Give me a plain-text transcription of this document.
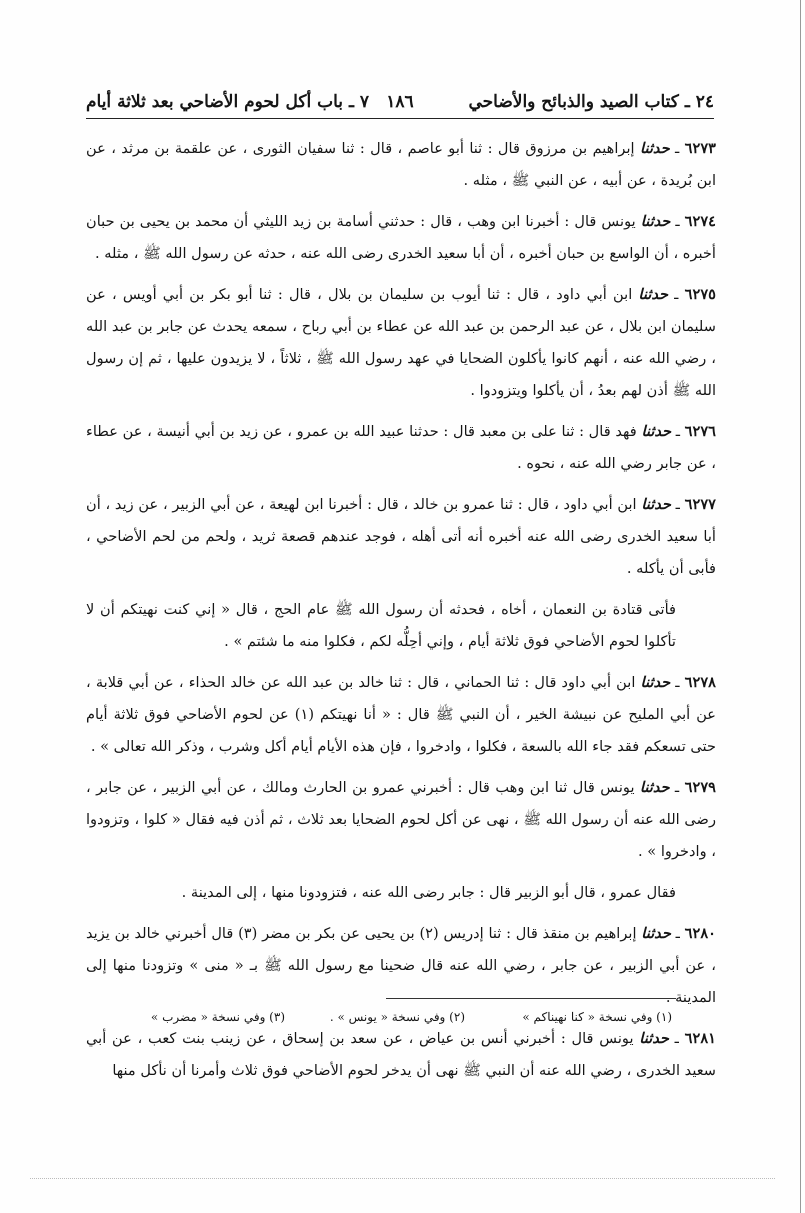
٢٤ ـ كتاب الصيد والذبائح والأضاحي
١٨٦
٧ ـ باب أكل لحوم الأضاحي بعد ثلاثة أيام

٦٢٧٣ ـ حدثنا إبراهيم بن مرزوق قال : ثنا أبو عاصم ، قال : ثنا سفيان الثورى ، عن علقمة بن مرثد ، عن ابن بُريدة ، عن أبيه ، عن النبي ﷺ ، مثله .

٦٢٧٤ ـ حدثنا يونس قال : أخبرنا ابن وهب ، قال : حدثني أسامة بن زيد الليثي أن محمد بن يحيى بن حبان أخبره ، أن الواسع بن حبان أخبره ، أن أبا سعيد الخدرى رضى الله عنه ، حدثه عن رسول الله ﷺ ، مثله .

٦٢٧٥ ـ حدثنا ابن أبي داود ، قال : ثنا أيوب بن سليمان بن بلال ، قال : ثنا أبو بكر بن أبي أويس ، عن سليمان ابن بلال ، عن عبد الرحمن بن عبد الله عن عطاء بن أبي رباح ، سمعه يحدث عن جابر بن عبد الله ، رضي الله عنه ، أنهم كانوا يأكلون الضحايا في عهد رسول الله ﷺ ، ثلاثاً ، لا يزيدون عليها ، ثم إن رسول الله ﷺ أذن لهم بعدُ ، أن يأكلوا ويتزودوا .

٦٢٧٦ ـ حدثنا فهد قال : ثنا على بن معبد قال : حدثنا عبيد الله بن عمرو ، عن زيد بن أبي أنيسة ، عن عطاء ، عن جابر رضي الله عنه ، نحوه .

٦٢٧٧ ـ حدثنا ابن أبي داود ، قال : ثنا عمرو بن خالد ، قال : أخبرنا ابن لهيعة ، عن أبي الزبير ، عن زيد ، أن أبا سعيد الخدرى رضى الله عنه أخبره أنه أتى أهله ، فوجد عندهم قصعة ثريد ، ولحم من لحم الأضاحي ، فأبى أن يأكله .

فأتى قتادة بن النعمان ، أخاه ، فحدثه أن رسول الله ﷺ عام الحج ، قال « إني كنت نهيتكم أن لا تأكلوا لحوم الأضاحي فوق ثلاثة أيام ، وإني أحِلُّه لكم ، فكلوا منه ما شئتم » .

٦٢٧٨ ـ حدثنا ابن أبي داود قال : ثنا الحماني ، قال : ثنا خالد بن عبد الله عن خالد الحذاء ، عن أبي قلابة ، عن أبي المليح عن نبيشة الخير ، أن النبي ﷺ قال : « أنا نهيتكم (١) عن لحوم الأضاحي فوق ثلاثة أيام حتى تسعكم فقد جاء الله بالسعة ، فكلوا ، وادخروا ، فإن هذه الأيام أيام أكل وشرب ، وذكر الله تعالى » .

٦٢٧٩ ـ حدثنا يونس قال ثنا ابن وهب قال : أخبرني عمرو بن الحارث ومالك ، عن أبي الزبير ، عن جابر ، رضى الله عنه أن رسول الله ﷺ ، نهى عن أكل لحوم الضحايا بعد ثلاث ، ثم أذن فيه فقال « كلوا ، وتزودوا ، وادخروا » .

فقال عمرو ، قال أبو الزبير قال : جابر رضى الله عنه ، فتزودونا منها ، إلى المدينة .

٦٢٨٠ ـ حدثنا إبراهيم بن منقذ قال : ثنا إدريس (٢) بن يحيى عن بكر بن مضر (٣) قال أخبرني خالد بن يزيد ، عن أبي الزبير ، عن جابر ، رضي الله عنه قال ضحينا مع رسول الله ﷺ بـ « منى » وتزودنا منها إلى المدينة .

٦٢٨١ ـ حدثنا يونس قال : أخبرني أنس بن عياض ، عن سعد بن إسحاق ، عن زينب بنت كعب ، عن أبي سعيد الخدرى ، رضي الله عنه أن النبي ﷺ نهى أن يدخر لحوم الأضاحي فوق ثلاث وأمرنا أن نأكل منها

(١) وفي نسخة « كنا نهيناكم »
(٢) وفي نسخة « يونس » .
(٣) وفي نسخة « مضرب »
